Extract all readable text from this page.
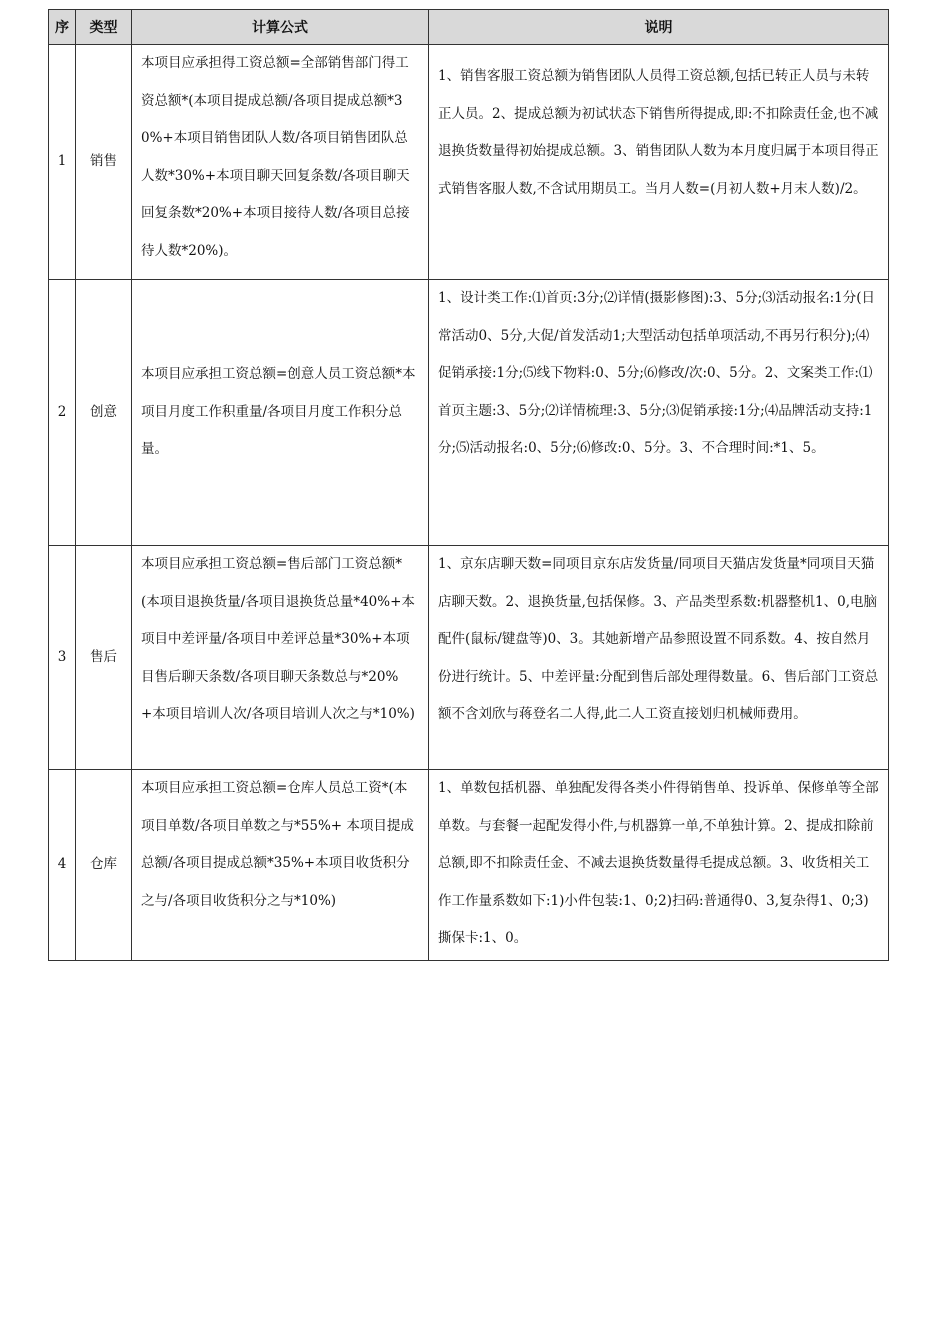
序	类型	计算公式	说明
1	销售	本项目应承担得工资总额=全部销售部门得工资总额*(本项目提成总额/各项目提成总额*30%+本项目销售团队人数/各项目销售团队总人数*30%+本项目聊天回复条数/各项目聊天回复条数*20%+本项目接待人数/各项目总接待人数*20%)。	1、销售客服工资总额为销售团队人员得工资总额,包括已转正人员与未转正人员。2、提成总额为初试状态下销售所得提成,即:不扣除责任金,也不减退换货数量得初始提成总额。3、销售团队人数为本月度归属于本项目得正式销售客服人数,不含试用期员工。当月人数=(月初人数+月末人数)/2。
2	创意	本项目应承担工资总额=创意人员工资总额*本项目月度工作积重量/各项目月度工作积分总量。	1、设计类工作:⑴首页:3分;⑵详情(摄影修图):3、5分;⑶活动报名:1分(日常活动0、5分,大促/首发活动1;大型活动包括单项活动,不再另行积分);⑷促销承接:1分;⑸线下物料:0、5分;⑹修改/次:0、5分。2、文案类工作:⑴首页主题:3、5分;⑵详情梳理:3、5分;⑶促销承接:1分;⑷品牌活动支持:1分;⑸活动报名:0、5分;⑹修改:0、5分。3、不合理时间:*1、5。
3	售后	本项目应承担工资总额=售后部门工资总额*(本项目退换货量/各项目退换货总量*40%+本项目中差评量/各项目中差评总量*30%+本项目售后聊天条数/各项目聊天条数总与*20%+本项目培训人次/各项目培训人次之与*10%)	1、京东店聊天数=同项目京东店发货量/同项目天猫店发货量*同项目天猫店聊天数。2、退换货量,包括保修。3、产品类型系数:机器整机1、0,电脑配件(鼠标/键盘等)0、3。其她新增产品参照设置不同系数。4、按自然月份进行统计。5、中差评量:分配到售后部处理得数量。6、售后部门工资总额不含刘欣与蒋登名二人得,此二人工资直接划归机械师费用。
4	仓库	本项目应承担工资总额=仓库人员总工资*(本项目单数/各项目单数之与*55%+ 本项目提成总额/各项目提成总额*35%+本项目收货积分之与/各项目收货积分之与*10%)	1、单数包括机器、单独配发得各类小件得销售单、投诉单、保修单等全部单数。与套餐一起配发得小件,与机器算一单,不单独计算。2、提成扣除前总额,即不扣除责任金、不减去退换货数量得毛提成总额。3、收货相关工作工作量系数如下:1)小件包装:1、0;2)扫码:普通得0、3,复杂得1、0;3)撕保卡:1、0。
